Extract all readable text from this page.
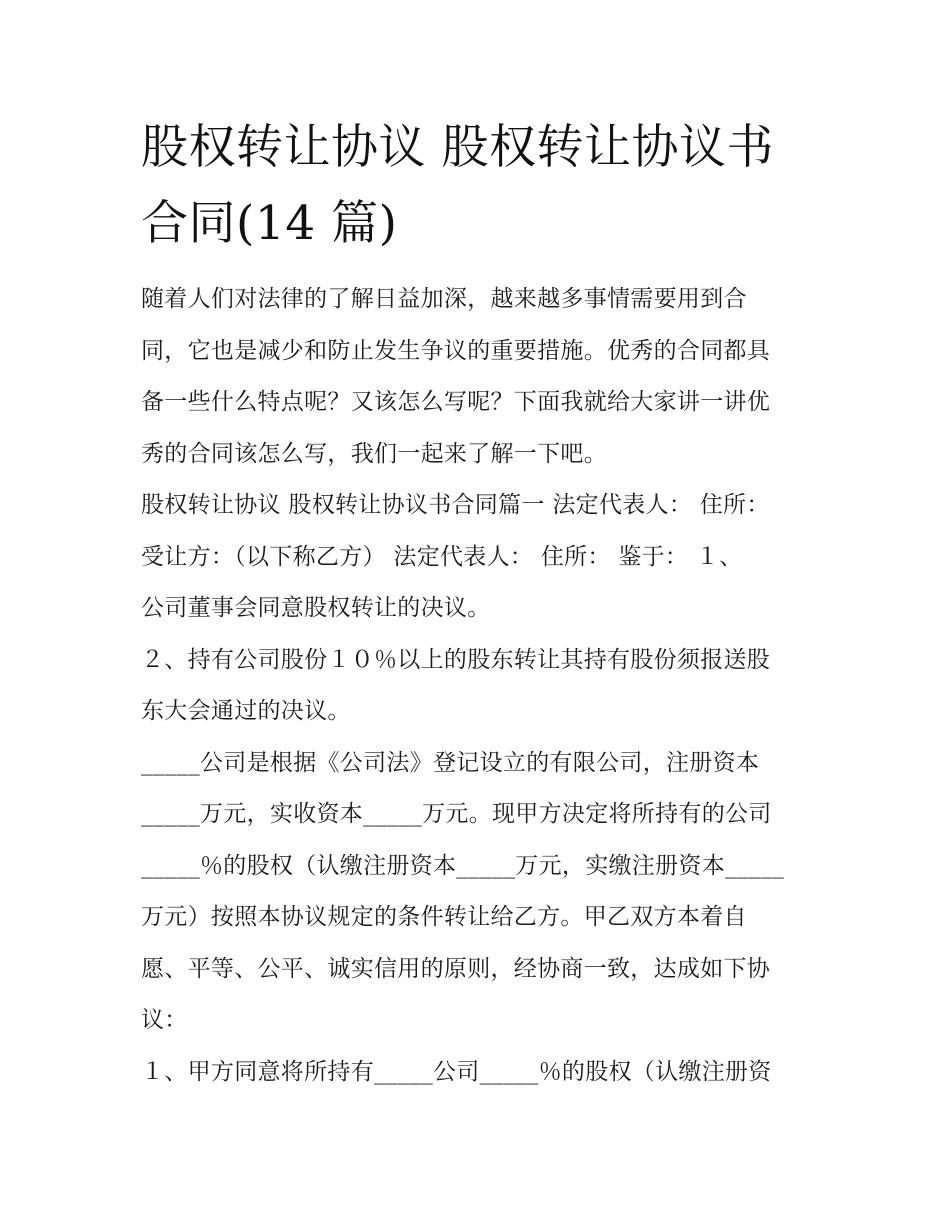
股权转让协议 股权转让协议书
合同(14 篇)

随着人们对法律的了解日益加深，越来越多事情需要用到合
同，它也是减少和防止发生争议的重要措施。优秀的合同都具
备一些什么特点呢？又该怎么写呢？下面我就给大家讲一讲优
秀的合同该怎么写，我们一起来了解一下吧。

股权转让协议 股权转让协议书合同篇一 法定代表人： 住所：
受让方：（以下称乙方） 法定代表人： 住所： 鉴于： １、
公司董事会同意股权转让的决议。

２、持有公司股份１０％以上的股东转让其持有股份须报送股
东大会通过的决议。

_____公司是根据《公司法》登记设立的有限公司，注册资本
_____万元，实收资本_____万元。现甲方决定将所持有的公司
_____％的股权（认缴注册资本_____万元，实缴注册资本_____
万元）按照本协议规定的条件转让给乙方。甲乙双方本着自
愿、平等、公平、诚实信用的原则，经协商一致，达成如下协
议：

１、甲方同意将所持有_____公司_____％的股权（认缴注册资
